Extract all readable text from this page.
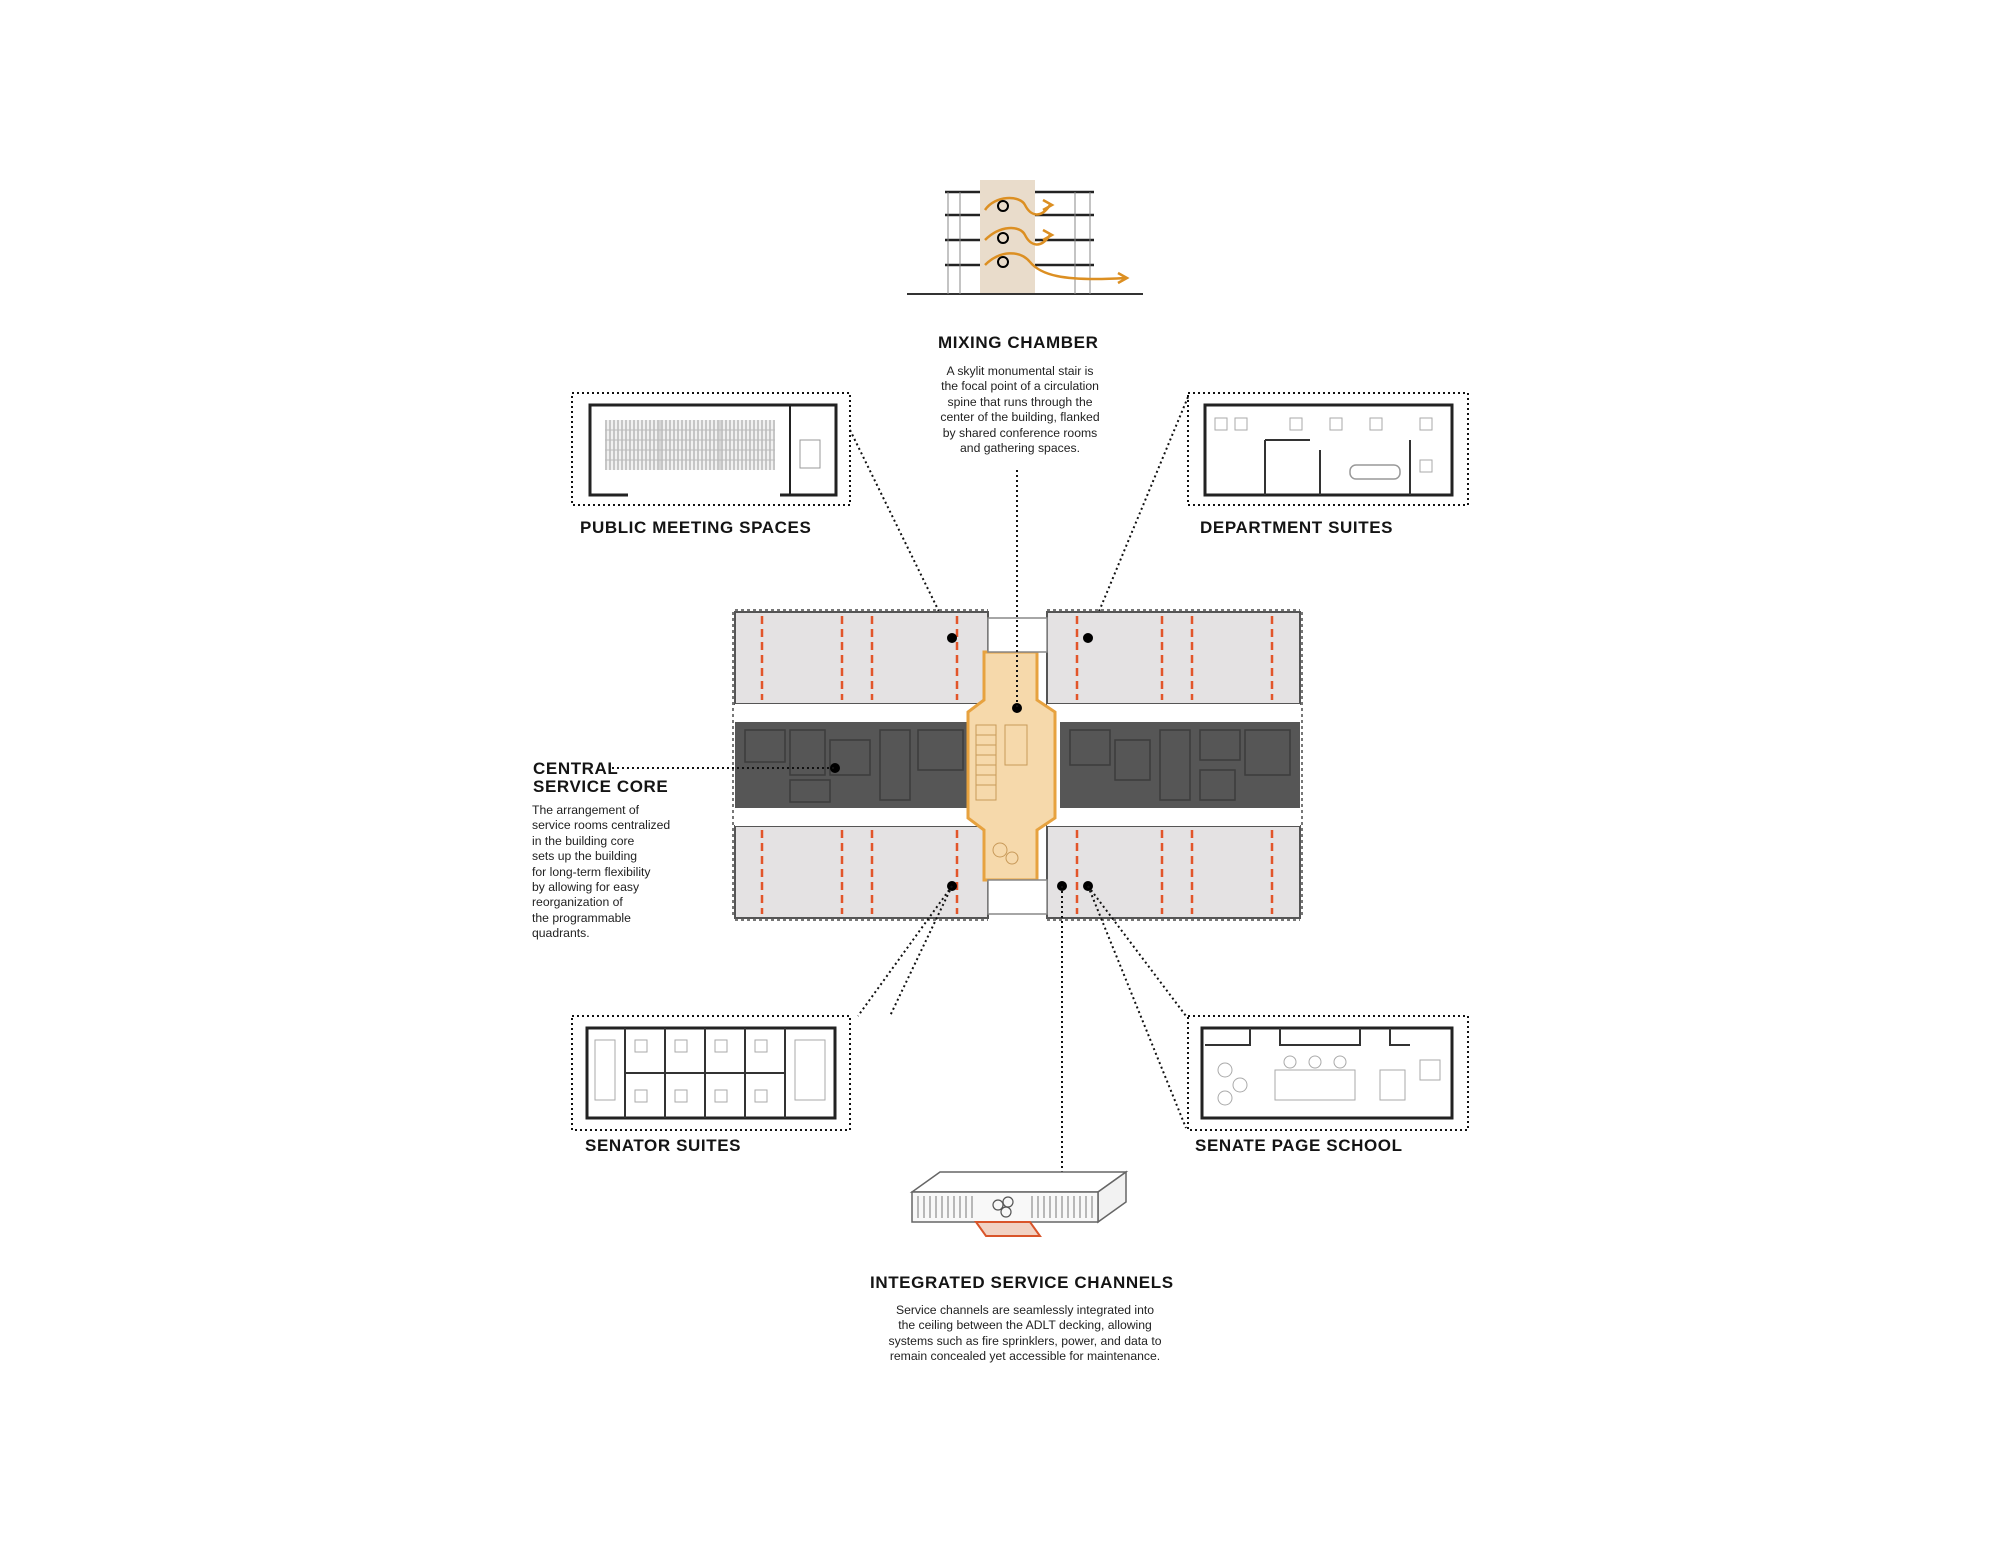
MIXING CHAMBER
A skylit monumental stair is
the focal point of a circulation
spine that runs through the
center of the building, flanked
by shared conference rooms
and gathering spaces.
PUBLIC MEETING SPACES	DEPARTMENT SUITES
CENTRAL
SERVICE CORE
The arrangement of
service rooms centralized
in the building core
sets up the building
for long-term flexibility
by allowing for easy
reorganization of
the programmable
quadrants.
SENATOR SUITES	SENATE PAGE SCHOOL
INTEGRATED SERVICE CHANNELS
Service channels are seamlessly integrated into
the ceiling between the ADLT decking, allowing
systems such as fire sprinklers, power, and data to
remain concealed yet accessible for maintenance.
